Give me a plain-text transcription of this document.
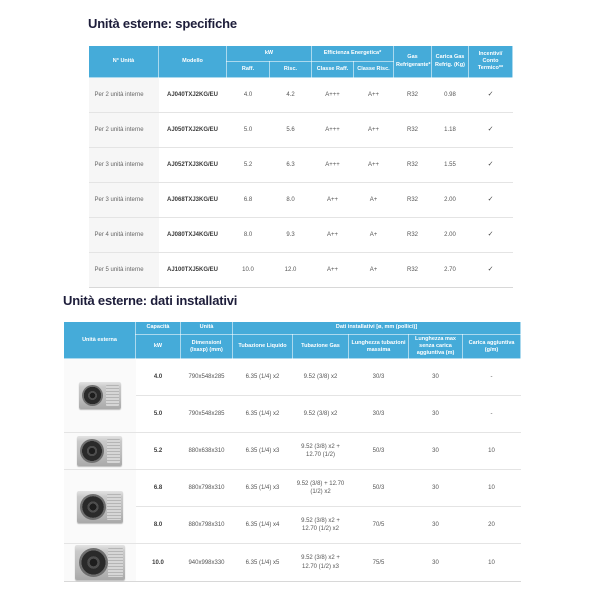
Unità esterne: specifiche
N° Unità	Modello	kW		Efficienza Energetica*		Gas Refrigerante*	Carica Gas Refrig. (Kg)	Incentivi/ Conto Termico**
		Raff.	Risc.	Classe Raff.	Classe Risc.			
Per 2 unità interne	AJ040TXJ2KG/EU	4.0	4.2	A+++	A++	R32	0.98	✓
Per 2 unità interne	AJ050TXJ2KG/EU	5.0	5.6	A+++	A++	R32	1.18	✓
Per 3 unità interne	AJ052TXJ3KG/EU	5.2	6.3	A+++	A++	R32	1.55	✓
Per 3 unità interne	AJ068TXJ3KG/EU	6.8	8.0	A++	A+	R32	2.00	✓
Per 4 unità interne	AJ080TXJ4KG/EU	8.0	9.3	A++	A+	R32	2.00	✓
Per 5 unità interne	AJ100TXJ5KG/EU	10.0	12.0	A++	A+	R32	2.70	✓
Unità esterne: dati installativi
Unità esterna	Capacità	Unità	Dati installativi [ø, mm (pollici)]				
	kW	Dimensioni (lxaxp) (mm)	Tubazione Liquido	Tubazione Gas	Lunghezza tubazioni massima	Lunghezza max senza carica aggiuntiva (m)	Carica aggiuntiva (g/m)

	4.0	790x548x285	6.35 (1/4) x2	9.52 (3/8) x2	30/3	30	-
	5.0	790x548x285	6.35 (1/4) x2	9.52 (3/8) x2	30/3	30	-

	5.2	880x638x310	6.35 (1/4) x3	9.52 (3/8) x2 + 12.70 (1/2)	50/3	30	10

	6.8	880x798x310	6.35 (1/4) x3	9.52 (3/8) + 12.70 (1/2) x2	50/3	30	10
	8.0	880x798x310	6.35 (1/4) x4	9.52 (3/8) x2 + 12.70 (1/2) x2	70/5	30	20

	10.0	940x998x330	6.35 (1/4) x5	9.52 (3/8) x2 + 12.70 (1/2) x3	75/5	30	10
